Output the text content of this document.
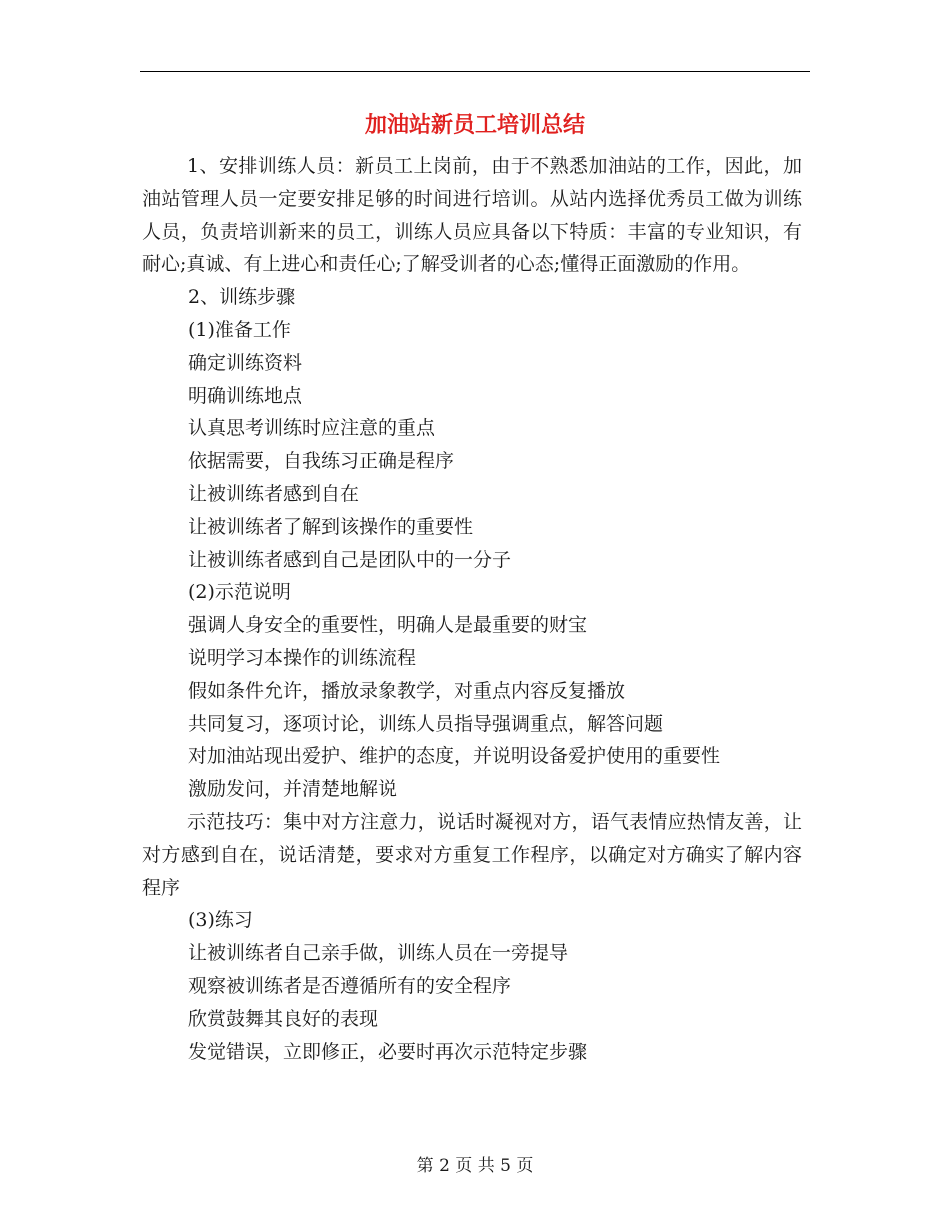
加油站新员工培训总结

1、安排训练人员：新员工上岗前，由于不熟悉加油站的工作，因此，加油站管理人员一定要安排足够的时间进行培训。从站内选择优秀员工做为训练人员，负责培训新来的员工，训练人员应具备以下特质：丰富的专业知识，有耐心;真诚、有上进心和责任心;了解受训者的心态;懂得正面激励的作用。

2、训练步骤

(1)准备工作

确定训练资料

明确训练地点

认真思考训练时应注意的重点

依据需要，自我练习正确是程序

让被训练者感到自在

让被训练者了解到该操作的重要性

让被训练者感到自己是团队中的一分子

(2)示范说明

强调人身安全的重要性，明确人是最重要的财宝

说明学习本操作的训练流程

假如条件允许，播放录象教学，对重点内容反复播放

共同复习，逐项讨论，训练人员指导强调重点，解答问题

对加油站现出爱护、维护的态度，并说明设备爱护使用的重要性

激励发问，并清楚地解说

示范技巧：集中对方注意力，说话时凝视对方，语气表情应热情友善，让对方感到自在，说话清楚，要求对方重复工作程序，以确定对方确实了解内容程序

(3)练习

让被训练者自己亲手做，训练人员在一旁提导

观察被训练者是否遵循所有的安全程序

欣赏鼓舞其良好的表现

发觉错误，立即修正，必要时再次示范特定步骤

第 2 页 共 5 页
